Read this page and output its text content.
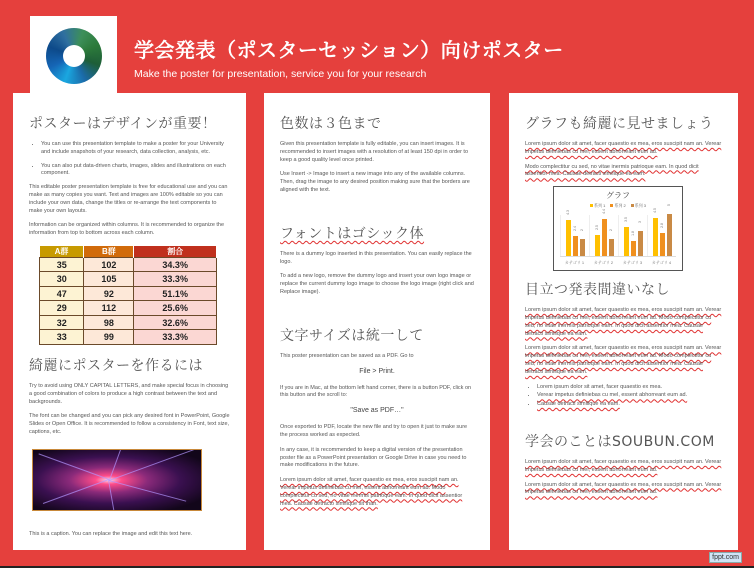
学会発表（ポスターセッション）向けポスター
Make the poster for presentation, service you for your research
ポスターはデザインが重要！
• You can use this presentation template to make a poster for your University and include snapshots of your research, data collection, analysis, etc.
• You can also put data-driven charts, images, slides and illustrations on each component.

This editable poster presentation template is free for educational use and you can make as many copies you want. Text and images are 100% editable so you can include your own data, change the titles or re-arrange the text components to make your own layouts.

Information can be organized within columns. It is recommended to organize the information from top to bottom across each column.

A群	B群	割合
35	102	34.3%
30	105	33.3%
47	92	51.1%
29	112	25.6%
32	98	32.6%
33	99	33.3%
綺麗にポスターを作るには

Try to avoid using ONLY CAPITAL LETTERS, and make special focus in choosing a good combination of colors to produce a high contrast between the text and backgrounds.

The font can be changed and you can pick any desired font in PowerPoint, Google Slides or Open Office. It is recommended to follow a consistency in Font, text size, captions, etc.

This is a caption. You can replace the image and edit this text here.

色数は３色まで

Given this presentation template is fully editable, you can insert images. It is recommended to insert images with a resolution of at least 150 dpi in order to keep a good quality level once printed.

Use Insert -> Image to insert a new image into any of the available columns. Then, drag the image to any desired position making sure that the borders are aligned with the text.

フォントはゴシック体

There is a dummy logo inserted in this presentation. You can easily replace the logo.

To add a new logo, remove the dummy logo and insert your own logo image or replace the current dummy logo image to choose the logo image (right click and Replace image).

文字サイズは統一して

This poster presentation can be saved as a PDF. Go to

File > Print.

If you are in Mac, at the bottom left hand corner, there is a button PDF, click on this button and the scroll to:

"Save as PDF…"

Once exported to PDF, locate the new file and try to open it just to make sure the process worked as expected.

In any case, it is recommended to keep a digital version of the presentation poster file as a PowerPoint presentation or Google Drive in case you need to make modifications in the future.

Lorem ipsum dolor sit amet, facer quaestio ex mea, eros suscipit nam an. Verear impetus definiebas cu mel, essent abhorreant eum ad. Modo complectitur cu sed, no vitae inermis patrioque eam. In quod dicit assentior mea. Causae detracto similique sit than.

グラフも綺麗に見せましょう

Lorem ipsum dolor sit amet, facer quaestio ex mea, eros suscipit nam an. Verear impetus definiebas cu mel, essent abhorreant eum ad.

Modo complectitur cu sed, no vitae inermis patrioque eam. In quod dicit assentior mea. Causae detracti similique ea eam.

グラフ
系列 1	系列 2	系列 3
4.3
2.4 2
2.5
4.4
2
3.5
1.8
3
4.5
2.8
5
カテゴリ 1	カテゴリ 2	カテゴリ 3	カテゴリ 4
目立つ発表間違いなし

Lorem ipsum dolor sit amet, facer quaestio ex mea, eros suscipit nam an. Verear impetus definiebas cu mel, essent abhorreant eum ad. Modo complectitur cu sed, no vitae inermis patrioque eam. In quod dicit assentior mea. Causae detracti similique ea eam.

Lorem ipsum dolor sit amet, facer quaestio ex mea, eros suscipit nam an. Verear impetus definiebas cu mel, essent abhorreant eum ad. Modo complectitur cu sed, no vitae inermis patrioque eam. In quod dicit assentior mea. Causae detracti similique ea eam.

• Lorem ipsum dolor sit amet, facer quaestio ex mea.
• Verear impetus definiebas cu mel, essent abhorreant eum ad.
• Causae detracti similique ea eam.
学会のことはSOUBUN.COM

Lorem ipsum dolor sit amet, facer quaestio ex mea, eros suscipit nam an. Verear impetus definiebas cu mel, essent abhorreant eum ad.

Lorem ipsum dolor sit amet, facer quaestio ex mea, eros suscipit nam an. Verear impetus definiebas cu mel, essent abhorreant eum ad.

fppt.com
